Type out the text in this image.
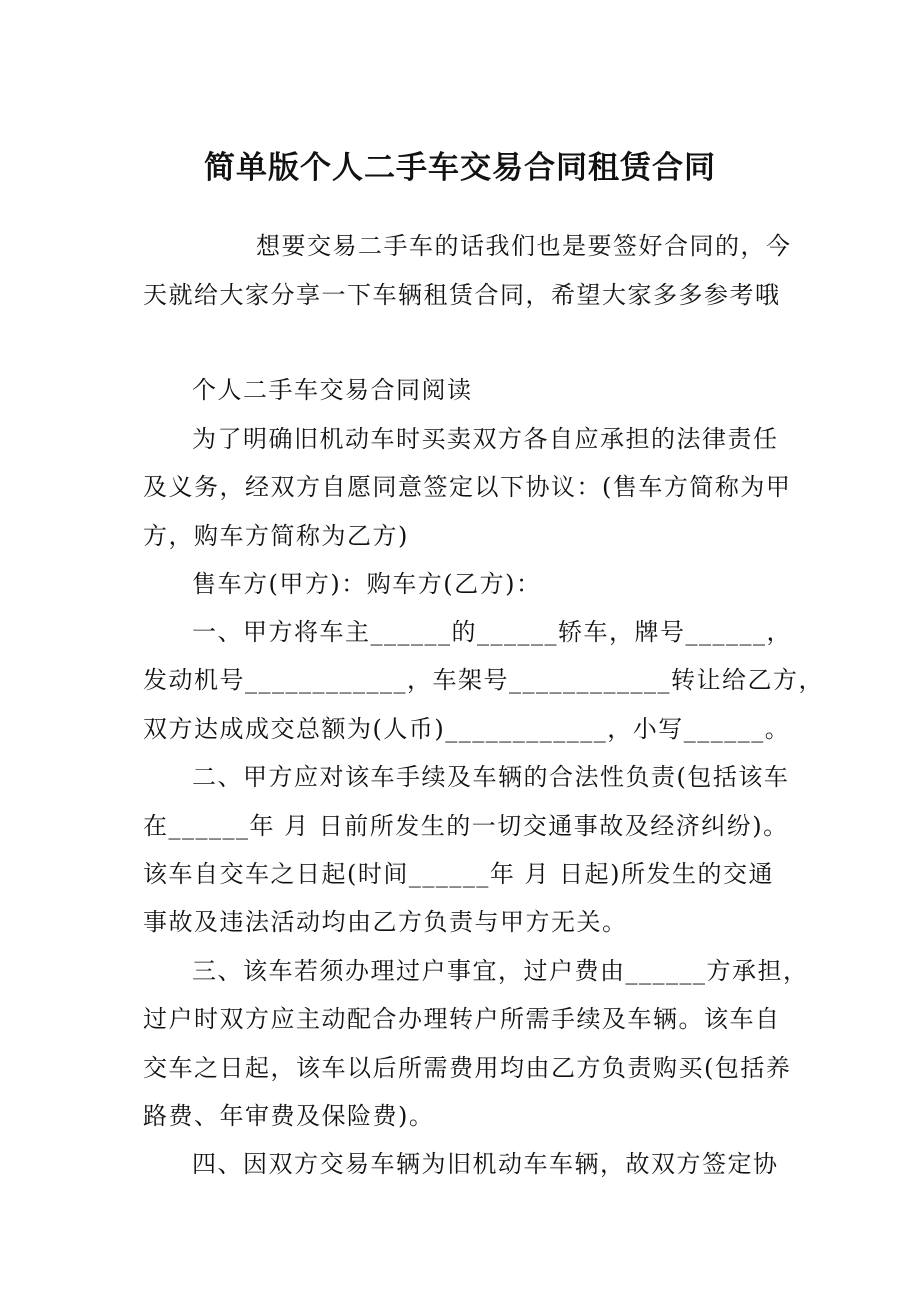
简单版个人二手车交易合同租赁合同
想要交易二手车的话我们也是要签好合同的，今
天就给大家分享一下车辆租赁合同，希望大家多多参考哦
个人二手车交易合同阅读
为了明确旧机动车时买卖双方各自应承担的法律责任
及义务，经双方自愿同意签定以下协议：(售车方简称为甲
方，购车方简称为乙方)
售车方(甲方)：购车方(乙方)：
一、甲方将车主______的______轿车，牌号______，
发动机号____________，车架号____________转让给乙方，
双方达成成交总额为(人币)____________，小写______。
二、甲方应对该车手续及车辆的合法性负责(包括该车
在______年 月 日前所发生的一切交通事故及经济纠纷)。
该车自交车之日起(时间______年 月 日起)所发生的交通
事故及违法活动均由乙方负责与甲方无关。
三、该车若须办理过户事宜，过户费由______方承担，
过户时双方应主动配合办理转户所需手续及车辆。该车自
交车之日起，该车以后所需费用均由乙方负责购买(包括养
路费、年审费及保险费)。
四、因双方交易车辆为旧机动车车辆，故双方签定协
